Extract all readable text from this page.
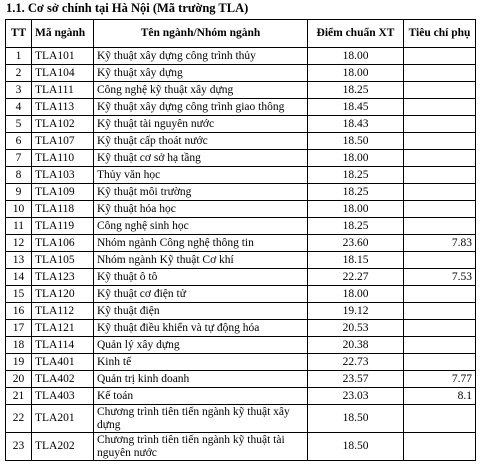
1.1. Cơ sở chính tại Hà Nội (Mã trường TLA)
TT	Mã ngành	Tên ngành/Nhóm ngành	Điểm chuẩn XT	Tiêu chí phụ
1	TLA101	Kỹ thuật xây dựng công trình thủy	18.00	
2	TLA104	Kỹ thuật xây dựng	18.00	
3	TLA111	Công nghệ kỹ thuật xây dựng	18.25	
4	TLA113	Kỹ thuật xây dựng công trình giao thông	18.45	
5	TLA102	Kỹ thuật tài nguyên nước	18.43	
6	TLA107	Kỹ thuật cấp thoát nước	18.50	
7	TLA110	Kỹ thuật cơ sở hạ tầng	18.00	
8	TLA103	Thủy văn học	18.25	
9	TLA109	Kỹ thuật môi trường	18.25	
10	TLA118	Kỹ thuật hóa học	18.00	
11	TLA119	Công nghệ sinh học	18.25	
12	TLA106	Nhóm ngành Công nghệ thông tin	23.60	7.83
13	TLA105	Nhóm ngành Kỹ thuật Cơ khí	18.15	
14	TLA123	Kỹ thuật ô tô	22.27	7.53
15	TLA120	Kỹ thuật cơ điện tử	18.00	
16	TLA112	Kỹ thuật điện	19.12	
17	TLA121	Kỹ thuật điều khiển và tự động hóa	20.53	
18	TLA114	Quản lý xây dựng	20.38	
19	TLA401	Kinh tế	22.73	
20	TLA402	Quản trị kinh doanh	23.57	7.77
21	TLA403	Kế toán	23.03	8.1
22	TLA201	Chương trình tiên tiến ngành kỹ thuật xây dựng	18.50	
23	TLA202	Chương trình tiên tiến ngành kỹ thuật tài nguyên nước	18.50	
